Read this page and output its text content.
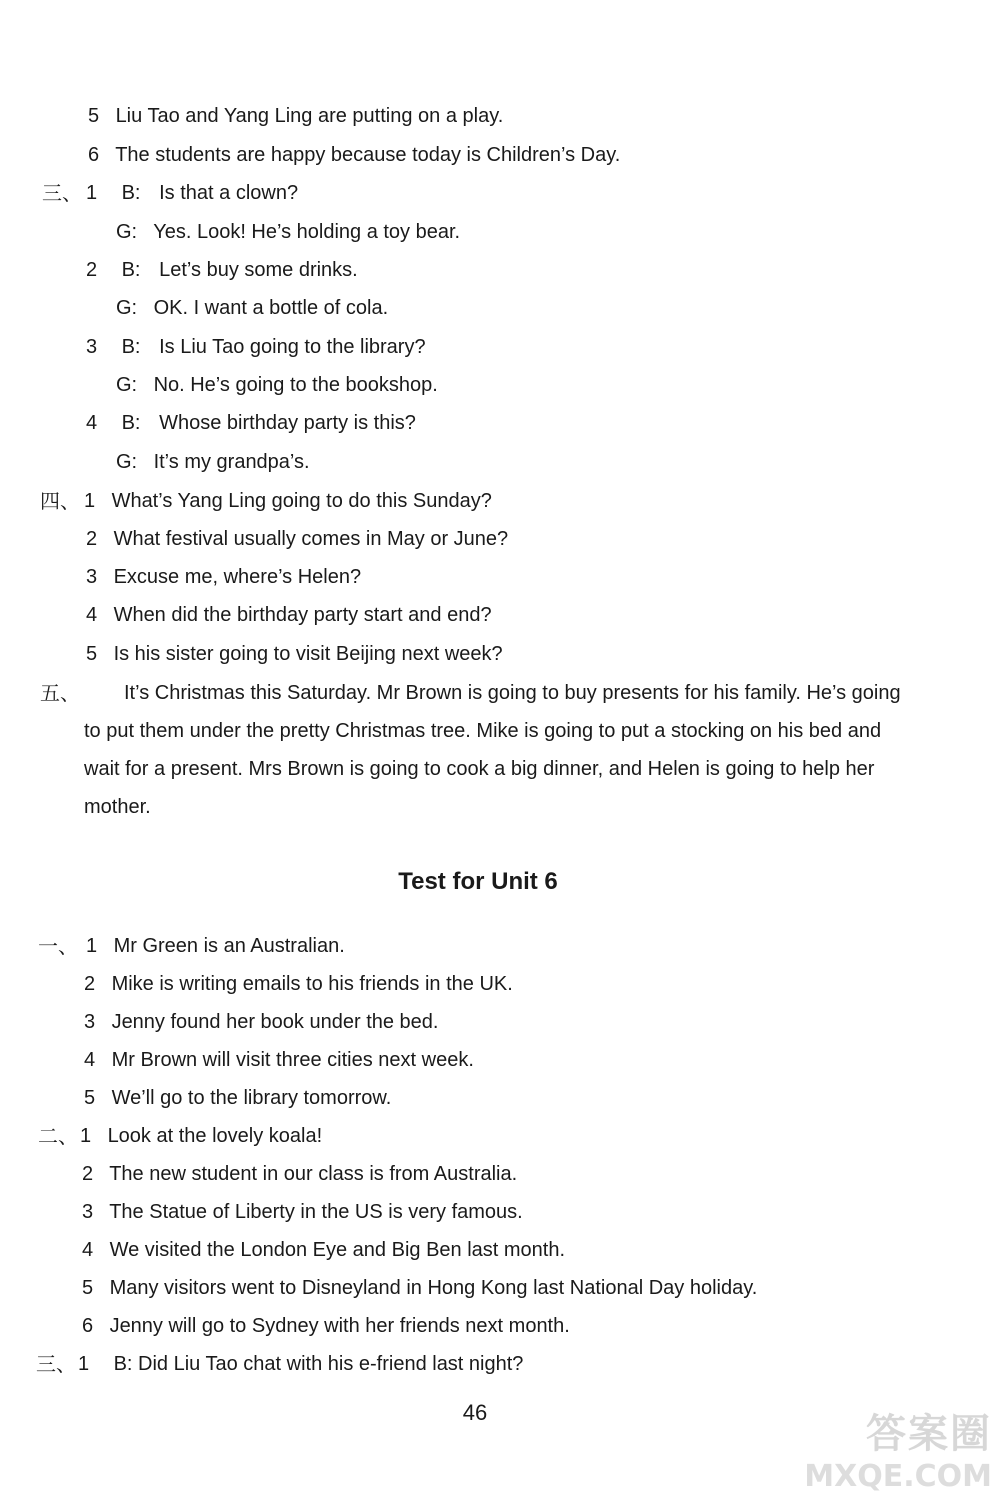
5 Liu Tao and Yang Ling are putting on a play.
6 The students are happy because today is Children’s Day.
三、 1 B: Is that a clown?
G: Yes. Look! He’s holding a toy bear.
2 B: Let’s buy some drinks.
G: OK. I want a bottle of cola.
3 B: Is Liu Tao going to the library?
G: No. He’s going to the bookshop.
4 B: Whose birthday party is this?
G: It’s my grandpa’s.
四、 1 What’s Yang Ling going to do this Sunday?
2 What festival usually comes in May or June?
3 Excuse me, where’s Helen?
4 When did the birthday party start and end?
5 Is his sister going to visit Beijing next week?
五、	It’s Christmas this Saturday. Mr Brown is going to buy presents for his family. He’s going to put them under the pretty Christmas tree. Mike is going to put a stocking on his bed and wait for a present. Mrs Brown is going to cook a big dinner, and Helen is going to help her mother.
Test for Unit 6
一、 1 Mr Green is an Australian.
2 Mike is writing emails to his friends in the UK.
3 Jenny found her book under the bed.
4 Mr Brown will visit three cities next week.
5 We’ll go to the library tomorrow.
二、 1 Look at the lovely koala!
2 The new student in our class is from Australia.
3 The Statue of Liberty in the US is very famous.
4 We visited the London Eye and Big Ben last month.
5 Many visitors went to Disneyland in Hong Kong last National Day holiday.
6 Jenny will go to Sydney with her friends next month.
三、 1 B: Did Liu Tao chat with his e-friend last night?
46	答案圈
MXQE.COM
